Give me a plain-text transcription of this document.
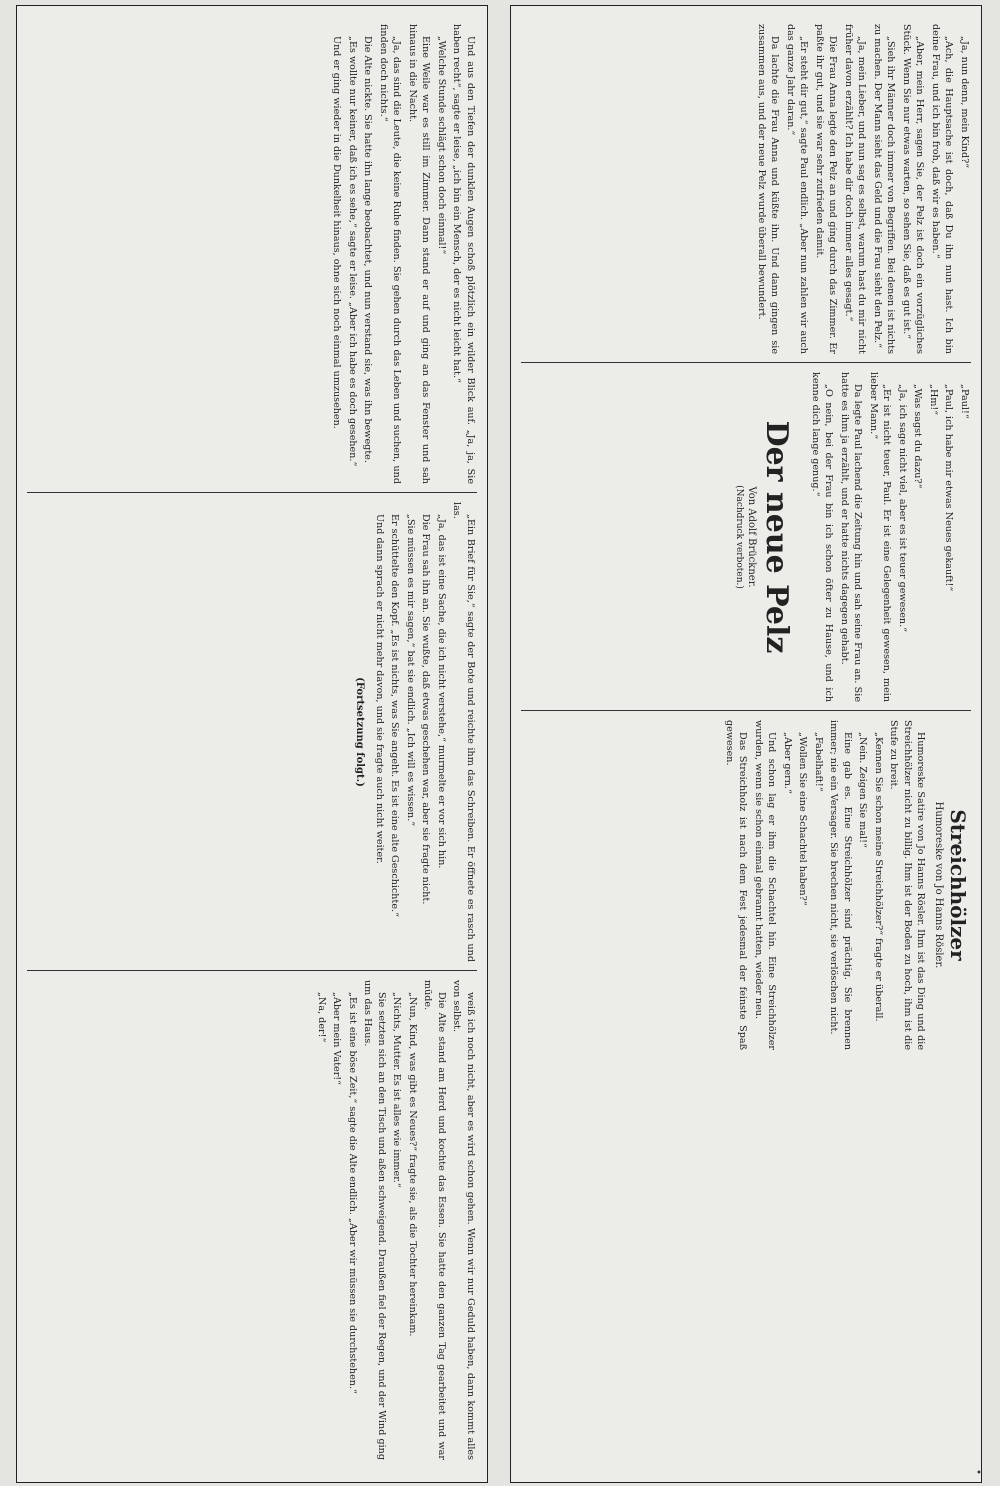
„Ja, nun denn, mein Kind?“

„Ach, die Hauptsache ist doch, daß Du ihn nun hast. Ich bin deine Frau, und ich bin froh, daß wir es haben.“

„Aber, mein Herr, sagen Sie, der Pelz ist doch ein vorzügliches Stück. Wenn Sie nur etwas warten, so sehen Sie, daß es gut ist.“

„Sieh ihr Männer doch immer von Begriffen. Bei denen ist nichts zu machen. Der Mann sieht das Geld und die Frau sieht den Pelz.“

„Ja, mein Lieber, und nun sag es selbst, warum hast du mir nicht früher davon erzählt? Ich habe dir doch immer alles gesagt.“

Die Frau Anna legte den Pelz an und ging durch das Zimmer. Er paßte ihr gut, und sie war sehr zufrieden damit.

„Er steht dir gut,“ sagte Paul endlich. „Aber nun zahlen wir auch das ganze Jahr daran.“

Da lachte die Frau Anna und küßte ihn. Und dann gingen sie zusammen aus, und der neue Pelz wurde überall bewundert.

„Paul!“

„Paul, ich habe mir etwas Neues gekauft!“

„Hm!“

„Was sagst du dazu?“

„Ja, ich sage nicht viel, aber es ist teuer gewesen.“

„Er ist nicht teuer, Paul. Er ist eine Gelegenheit gewesen, mein lieber Mann.“

Da legte Paul lachend die Zeitung hin und sah seine Frau an. Sie hatte es ihm ja erzählt, und er hatte nichts dagegen gehabt.

„O nein, bei der Frau bin ich schon öfter zu Hause, und ich kenne dich lange genug.“

Der neue Pelz
Von Adolf Brückner.
(Nachdruck verboten.)
Streichhölzer
Humoreske von Jo Hanns Rösler.

Humoreske Satire von Jo Hanns Rösler. Ihm ist das Ding und die Streichhölzer nicht zu billig. Ihm ist der Boden zu hoch, ihm ist die Stufe zu breit.

„Kennen Sie schon meine Streichhölzer?“ fragte er überall.

„Nein. Zeigen Sie mal!“

Eine gab es. Eine Streichhölzer sind prächtig. Sie brennen immer; nie ein Versager. Sie brechen nicht, sie verlöschen nicht.

„Fabelhaft!“

„Wollen Sie eine Schachtel haben?“

„Aber gern.“

Und schon lag er ihm die Schachtel hin. Eine Streichhölzer wurden, wenn sie schon einmal gebrannt hatten, wieder neu.

Das Streichholz ist nach dem Fest jedesmal der feinste Spaß gewesen.

Und aus den Tiefen der dunklen Augen schoß plötzlich ein wilder Blick auf. „Ja, ja, Sie haben recht“, sagte er leise, „ich bin ein Mensch, der es nicht leicht hat.“

„Welche Stunde schlägt schon doch einmal!“

Eine Weile war es still im Zimmer. Dann stand er auf und ging an das Fenster und sah hinaus in die Nacht.

„Ja, das sind die Leute, die keine Ruhe finden. Sie gehen durch das Leben und suchen, und finden doch nichts.“

Die Alte nickte. Sie hatte ihn lange beobachtet, und nun verstand sie, was ihn bewegte.

„Es wollte nur keiner, daß ich es sehe,“ sagte er leise. „Aber ich habe es doch gesehen.“

Und er ging wieder in die Dunkelheit hinaus, ohne sich noch einmal umzusehen.

„Ein Brief für Sie,“ sagte der Bote und reichte ihm das Schreiben. Er öffnete es rasch und las.

„Ja, das ist eine Sache, die ich nicht verstehe,“ murmelte er vor sich hin.

Die Frau sah ihn an. Sie wußte, daß etwas geschehen war, aber sie fragte nicht.

„Sie müssen es mir sagen,“ bat sie endlich. „Ich will es wissen.“

Er schüttelte den Kopf. „Es ist nichts, was Sie angeht. Es ist eine alte Geschichte.“

Und dann sprach er nicht mehr davon, und sie fragte auch nicht weiter.

(Fortsetzung folgt.)

weiß ich noch nicht, aber es wird schon gehen. Wenn wir nur Geduld haben, dann kommt alles von selbst.

Die Alte stand am Herd und kochte das Essen. Sie hatte den ganzen Tag gearbeitet und war müde.

„Nun, Kind, was gibt es Neues?“ fragte sie, als die Tochter hereinkam.

„Nichts, Mutter. Es ist alles wie immer.“

Sie setzten sich an den Tisch und aßen schweigend. Draußen fiel der Regen, und der Wind ging um das Haus.

„Es ist eine böse Zeit,“ sagte die Alte endlich. „Aber wir müssen sie durchstehen.“

„Aber mein Vater!“

„Na, der!“

•
